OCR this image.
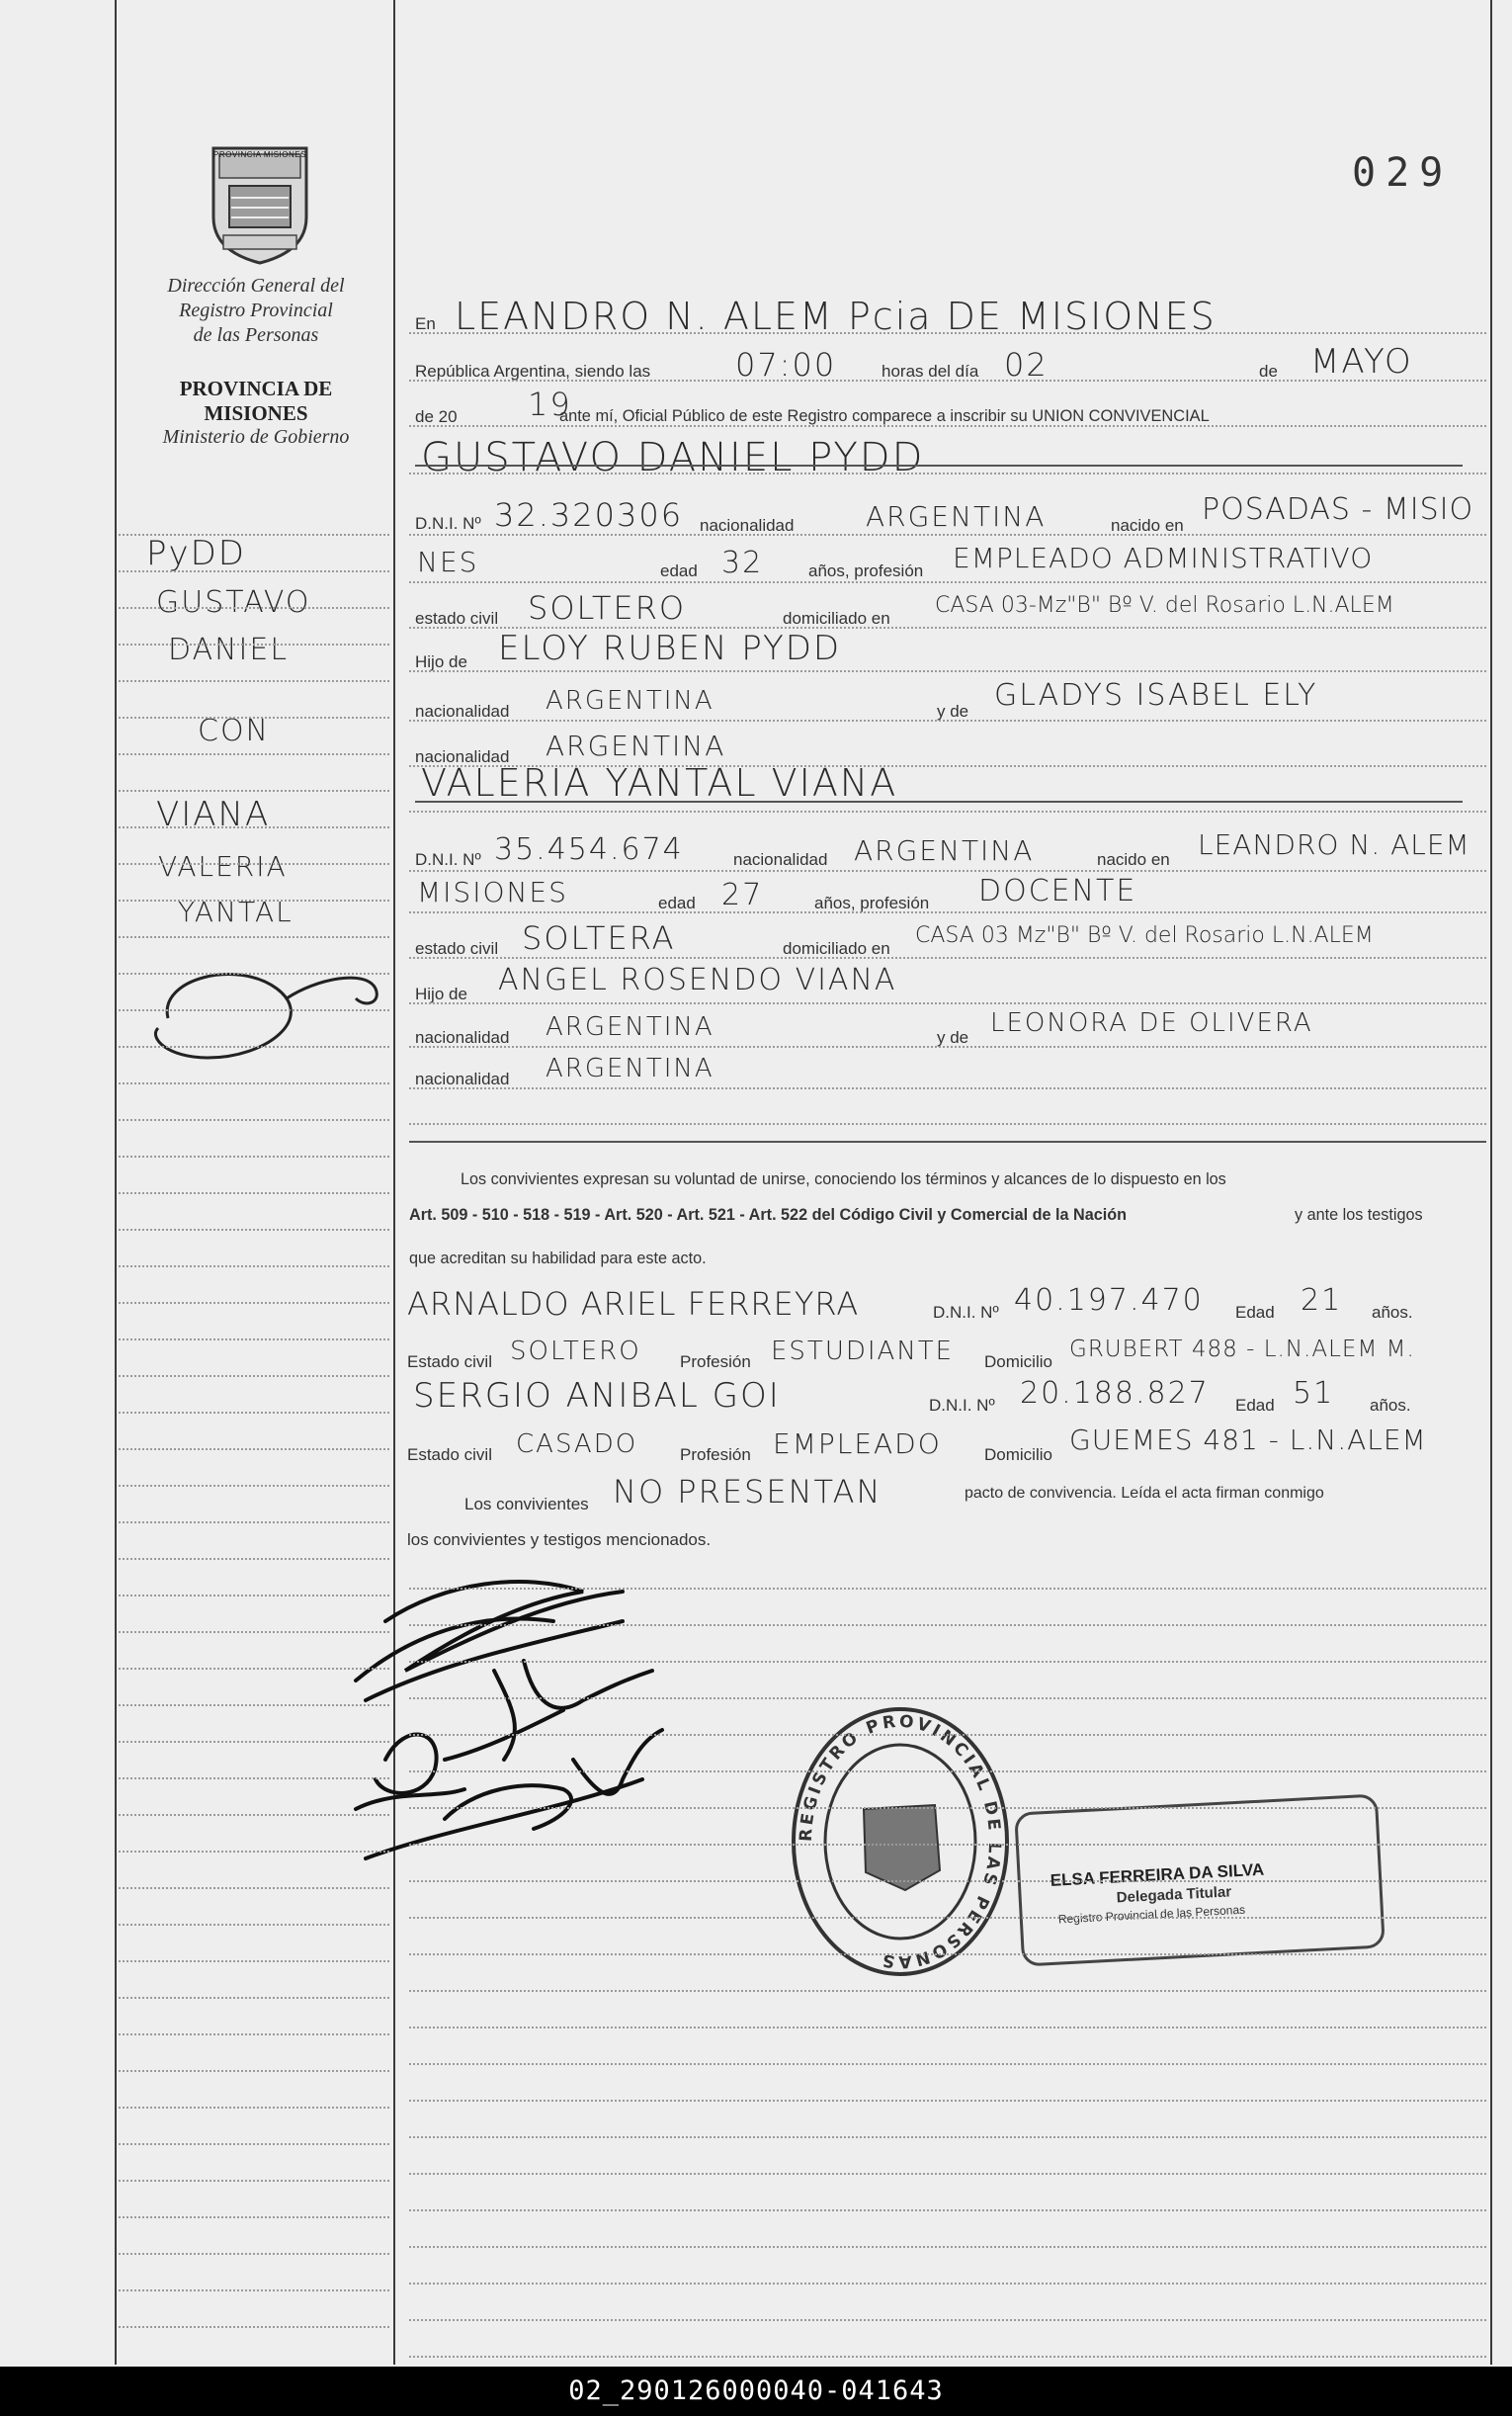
029
PROVINCIA MISIONES
Dirección General del
Registro Provincial
de las Personas
PROVINCIA DE
MISIONES
Ministerio de Gobierno
PyDD
GUSTAVO
DANIEL
CON
VIANA
VALERIA
YANTAL
En LEANDRO N. ALEM Pcia DE MISIONES
República Argentina, siendo las	07:00	horas del día 02	de MAYO
de 20 19
ante mí, Oficial Público de este Registro comparece a inscribir su UNION CONVIVENCIAL
GUSTAVO DANIEL PYDD
D.N.I. Nº 32.320306 nacionalidad	ARGENTINA	nacido en POSADAS - MISIO
NES	edad 32	años, profesión EMPLEADO ADMINISTRATIVO
estado civil SOLTERO	domiciliado en
CASA 03-Mz"B" Bº V. del Rosario L.N.ALEM
Hijo de ELOY RUBEN PYDD
nacionalidad ARGENTINA	y de GLADYS ISABEL ELY
nacionalidad ARGENTINA
VALERIA YANTAL VIANA
D.N.I. Nº 35.454.674	nacionalidad ARGENTINA	nacido en LEANDRO N. ALEM
MISIONES	edad 27	años, profesión DOCENTE
estado civil SOLTERA	domiciliado en
CASA 03 Mz"B" Bº V. del Rosario L.N.ALEM
Hijo de ANGEL ROSENDO VIANA
nacionalidad ARGENTINA	y de LEONORA DE OLIVERA
nacionalidad ARGENTINA
Los convivientes expresan su voluntad de unirse, conociendo los términos y alcances de lo dispuesto en los
Art. 509 - 510 - 518 - 519 - Art. 520 - Art. 521 - Art. 522 del Código Civil y Comercial de la Nación	y ante los testigos
que acreditan su habilidad para este acto.
ARNALDO ARIEL FERREYRA	D.N.I. Nº 40.197.470 Edad 21 años.
Estado civil SOLTERO Profesión ESTUDIANTE Domicilio GRUBERT 488 - L.N.ALEM M.
SERGIO ANIBAL GOI	D.N.I. Nº 20.188.827 Edad 51 años.
Estado civil CASADO	Profesión EMPLEADO	Domicilio GUEMES 481 - L.N.ALEM
Los convivientes NO PRESENTAN	pacto de convivencia. Leída el acta firman conmigo
los convivientes y testigos mencionados.
REGISTRO PROVINCIAL DE LAS PERSONAS
ELSA FERREIRA DA SILVA
Delegada Titular
Registro Provincial de las Personas
02_290126000040-041643
